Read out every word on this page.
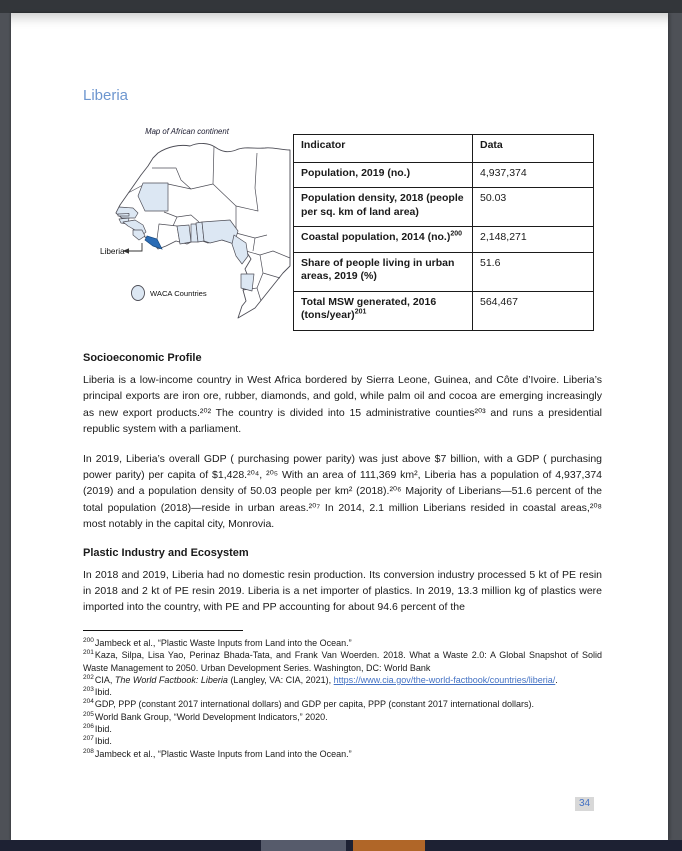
Liberia
Map of African continent
Liberia
WACA Countries
Indicator	Data
Population, 2019 (no.)	4,937,374
Population density, 2018 (people per sq. km of land area)	50.03
Coastal population, 2014 $(no.)^{200}$	2,148,271
Share of people living in urban areas, 2019 (%)	51.6
Total MSW generated, 2016 (tons/year)$^{201}$	564,467
Socioeconomic Profile

Liberia is a low-income country in West Africa bordered by Sierra Leone, Guinea, and Côte d’Ivoire. Liberia’s principal exports are iron ore, rubber, diamonds, and gold, while palm oil and cocoa are emerging increasingly as new export products.²⁰² The country is divided into 15 administrative counties²⁰³ and runs a presidential republic system with a parliament.

In 2019, Liberia’s overall GDP ( purchasing power parity) was just above $7 billion, with a GDP ( purchasing power parity) per capita of $1,428.²⁰⁴, ²⁰⁵ With an area of 111,369 km², Liberia has a population of 4,937,374 (2019) and a population density of 50.03 people per km² (2018).²⁰⁶ Majority of Liberians—51.6 percent of the total population (2018)—reside in urban areas.²⁰⁷ In 2014, 2.1 million Liberians resided in coastal areas,²⁰⁸ most notably in the capital city, Monrovia.

Plastic Industry and Ecosystem

In 2018 and 2019, Liberia had no domestic resin production. Its conversion industry processed 5 kt of PE resin in 2018 and 2 kt of PE resin 2019. Liberia is a net importer of plastics. In 2019, 13.3 million kg of plastics were imported into the country, with PE and PP accounting for about 94.6 percent of the

$^{200}$Jambeck et al., “Plastic Waste Inputs from Land into the Ocean.”

$^{201}$Kaza, Silpa, Lisa Yao, Perinaz Bhada-Tata, and Frank Van Woerden. 2018. What a Waste 2.0: A Global Snapshot of Solid Waste Management to 2050. Urban Development Series. Washington, DC: World Bank

$^{202}$CIA, The World Factbook: Liberia (Langley, VA: CIA, 2021), https://www.cia.gov/the-world-factbook/countries/liberia/.

$^{203}$Ibid.

$^{204}$GDP, PPP (constant 2017 international dollars) and GDP per capita, PPP (constant 2017 international dollars).

$^{205}$World Bank Group, “World Development Indicators,” 2020.

$^{206}$Ibid.

$^{207}$Ibid.

$^{208}$Jambeck et al., “Plastic Waste Inputs from Land into the Ocean.”

34
